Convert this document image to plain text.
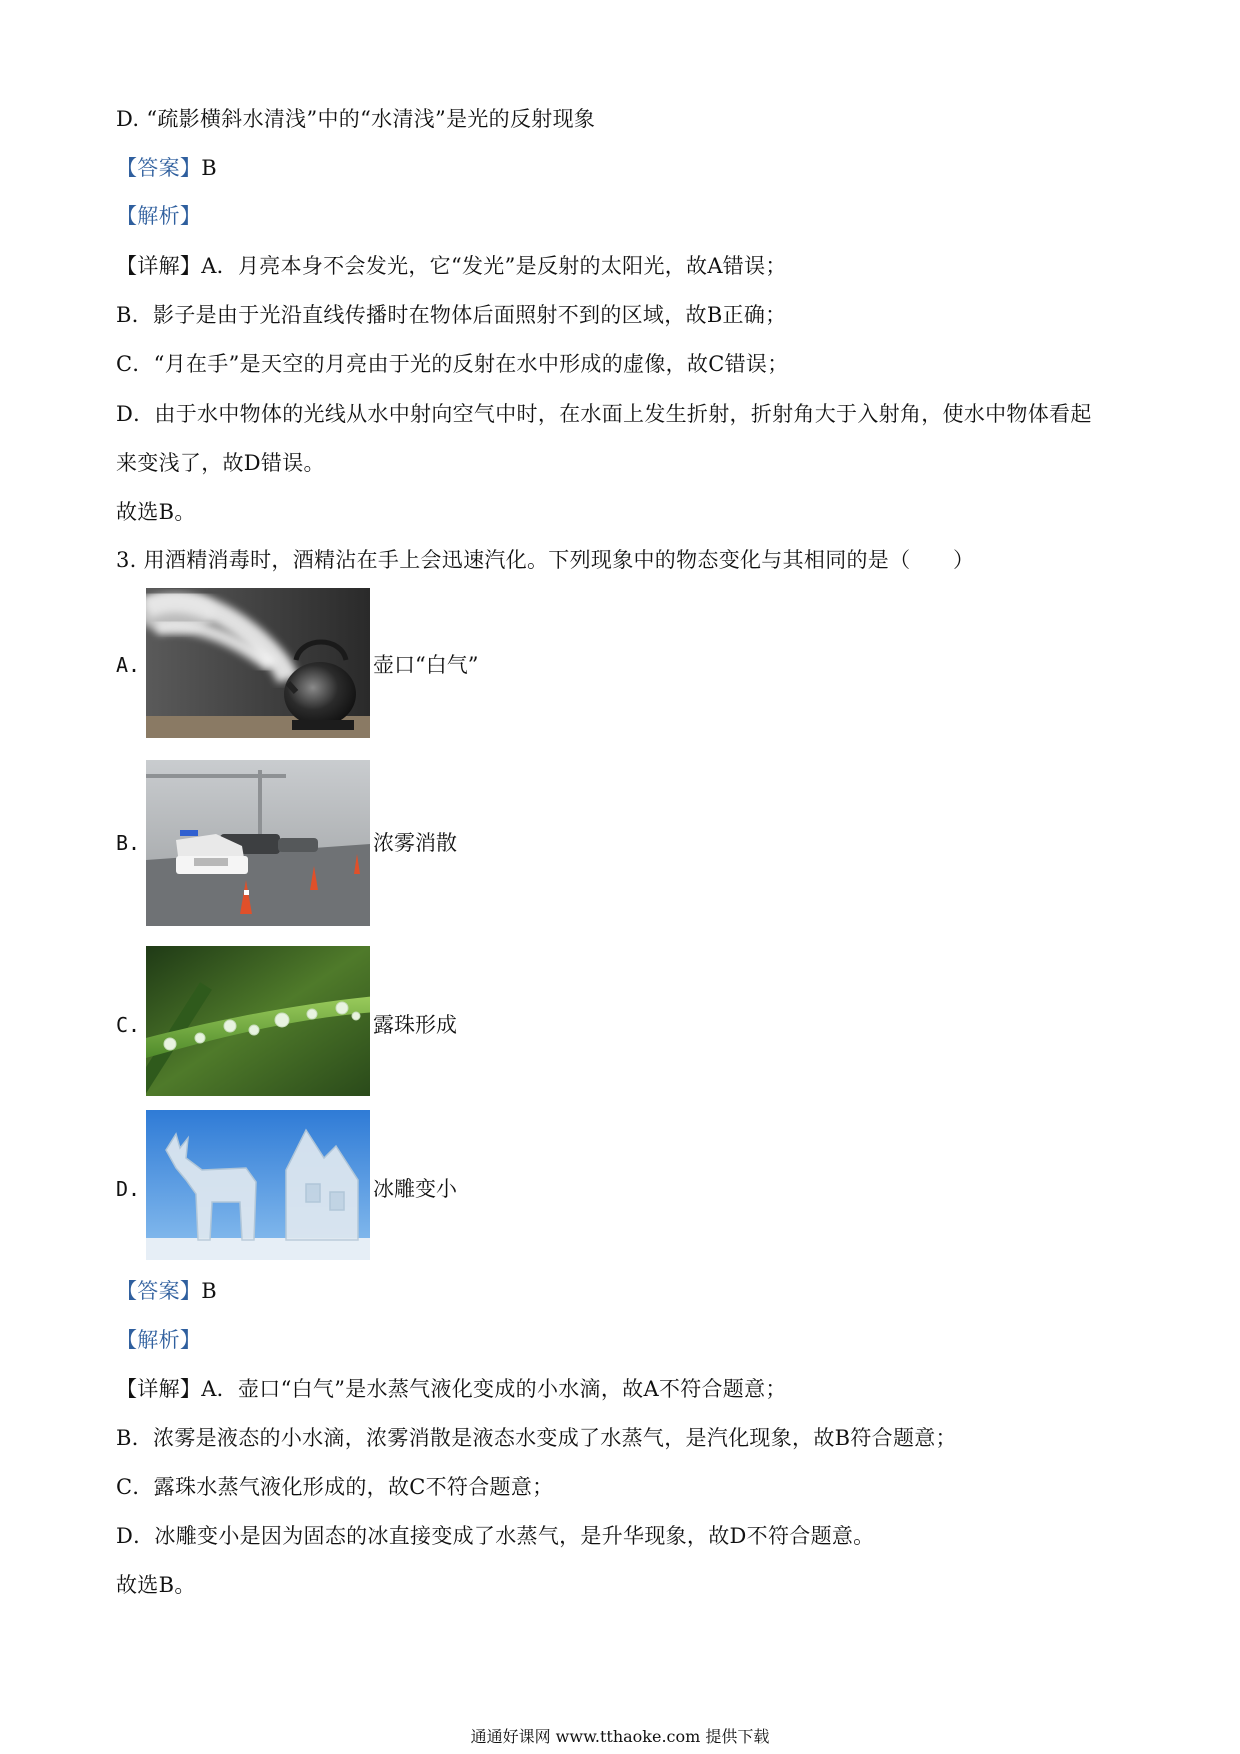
D. “疏影横斜水清浅”中的“水清浅”是光的反射现象
【答案】B
【解析】
【详解】A．月亮本身不会发光，它“发光”是反射的太阳光，故A错误；
B．影子是由于光沿直线传播时在物体后面照射不到的区域，故B正确；
C．“月在手”是天空的月亮由于光的反射在水中形成的虚像，故C错误；
D．由于水中物体的光线从水中射向空气中时，在水面上发生折射，折射角大于入射角，使水中物体看起
来变浅了，故D错误。
故选B。
3. 用酒精消毒时，酒精沾在手上会迅速汽化。下列现象中的物态变化与其相同的是（　　）
A.	壶口“白气”
B.	浓雾消散
C.	露珠形成
D.	冰雕变小
【答案】B
【解析】
【详解】A．壶口“白气”是水蒸气液化变成的小水滴，故A不符合题意；
B．浓雾是液态的小水滴，浓雾消散是液态水变成了水蒸气，是汽化现象，故B符合题意；
C．露珠水蒸气液化形成的，故C不符合题意；
D．冰雕变小是因为固态的冰直接变成了水蒸气，是升华现象，故D不符合题意。
故选B。
通通好课网 www.tthaoke.com 提供下载
